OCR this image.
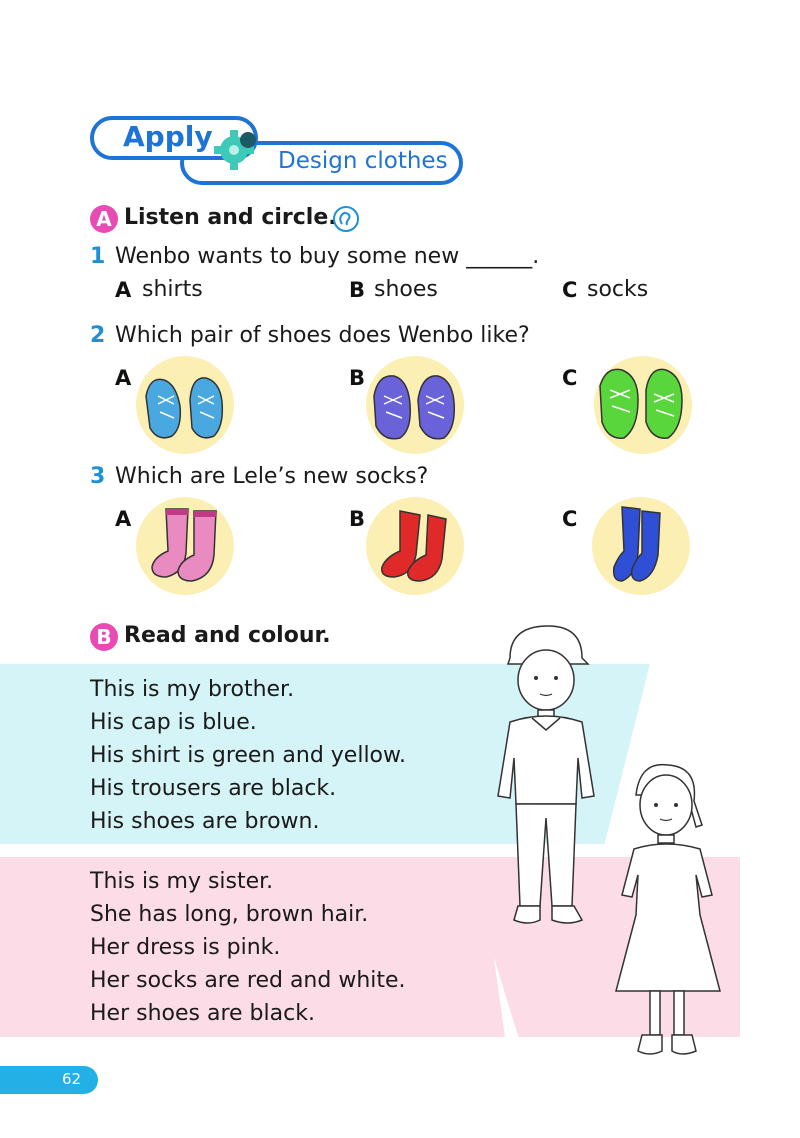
Apply
Design clothes
A Listen and circle.
1 Wenbo wants to buy some new ______.
A shirts	B shoes	C socks
2 Which pair of shoes does Wenbo like?
A	B	C
3 Which are Lele’s new socks?
A	B	C
B Read and colour.
This is my brother.
His cap is blue.
His shirt is green and yellow.
His trousers are black.
His shoes are brown.
This is my sister.
She has long, brown hair.
Her dress is pink.
Her socks are red and white.
Her shoes are black.
62
